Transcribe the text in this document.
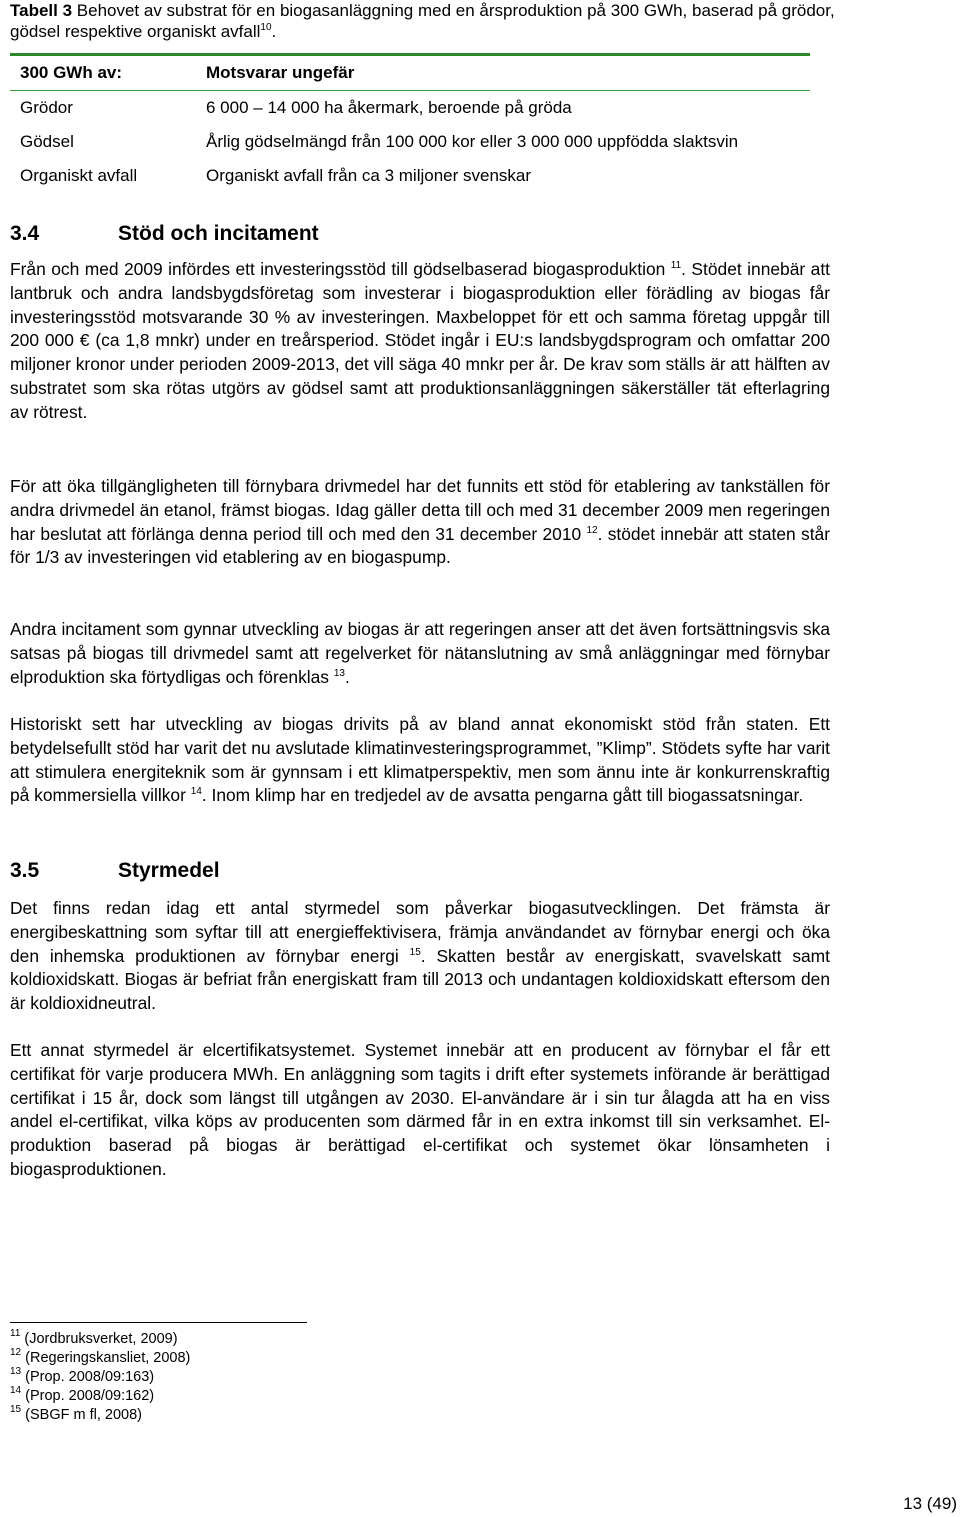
Tabell 3 Behovet av substrat för en biogasanläggning med en årsproduktion på 300 GWh, baserad på grödor, gödsel respektive organiskt avfall$^{10}$.

300 GWh av:	Motsvarar ungefär
Grödor	6 000 – 14 000 ha åkermark, beroende på gröda
Gödsel	Årlig gödselmängd från 100 000 kor eller 3 000 000 uppfödda slaktsvin
Organiskt avfall	Organiskt avfall från ca 3 miljoner svenskar
3.4	Stöd och incitament

Från och med 2009 infördes ett investeringsstöd till gödselbaserad biogasproduktion $^{11}$. Stödet innebär att lantbruk och andra landsbygdsföretag som investerar i biogasproduktion eller förädling av biogas får investeringsstöd motsvarande 30 % av investeringen. Maxbeloppet för ett och samma företag uppgår till 200 000 € (ca 1,8 mnkr) under en treårsperiod. Stödet ingår i EU:s landsbygdsprogram och omfattar 200 miljoner kronor under perioden 2009-2013, det vill säga 40 mnkr per år. De krav som ställs är att hälften av substratet som ska rötas utgörs av gödsel samt att produktionsanläggningen säkerställer tät efterlagring av rötrest.

För att öka tillgängligheten till förnybara drivmedel har det funnits ett stöd för etablering av tankställen för andra drivmedel än etanol, främst biogas. Idag gäller detta till och med 31 december 2009 men regeringen har beslutat att förlänga denna period till och med den 31 december 2010 $^{12}$. stödet innebär att staten står för 1/3 av investeringen vid etablering av en biogaspump.

Andra incitament som gynnar utveckling av biogas är att regeringen anser att det även fortsättningsvis ska satsas på biogas till drivmedel samt att regelverket för nätanslutning av små anläggningar med förnybar elproduktion ska förtydligas och förenklas $^{13}$.

Historiskt sett har utveckling av biogas drivits på av bland annat ekonomiskt stöd från staten. Ett betydelsefullt stöd har varit det nu avslutade klimatinvesteringsprogrammet, ”Klimp”. Stödets syfte har varit att stimulera energiteknik som är gynnsam i ett klimatperspektiv, men som ännu inte är konkurrenskraftig på kommersiella villkor $^{14}$. Inom klimp har en tredjedel av de avsatta pengarna gått till biogassatsningar.

3.5	Styrmedel

Det finns redan idag ett antal styrmedel som påverkar biogasutvecklingen. Det främsta är energibeskattning som syftar till att energieffektivisera, främja användandet av förnybar energi och öka den inhemska produktionen av förnybar energi $^{15}$. Skatten består av energiskatt, svavelskatt samt koldioxidskatt. Biogas är befriat från energiskatt fram till 2013 och undantagen koldioxidskatt eftersom den är koldioxidneutral.

Ett annat styrmedel är elcertifikatsystemet. Systemet innebär att en producent av förnybar el får ett certifikat för varje producera MWh. En anläggning som tagits i drift efter systemets införande är berättigad certifikat i 15 år, dock som längst till utgången av 2030. El-användare är i sin tur ålagda att ha en viss andel el-certifikat, vilka köps av producenten som därmed får in en extra inkomst till sin verksamhet. El-produktion baserad på biogas är berättigad el-certifikat och systemet ökar lönsamheten i biogasproduktionen.

$^{11}$ (Jordbruksverket, 2009)
$^{12}$ (Regeringskansliet, 2008)
$^{13}$ (Prop. 2008/09:163)
$^{14}$ (Prop. 2008/09:162)
$^{15}$ (SBGF m fl, 2008)
13 (49)
